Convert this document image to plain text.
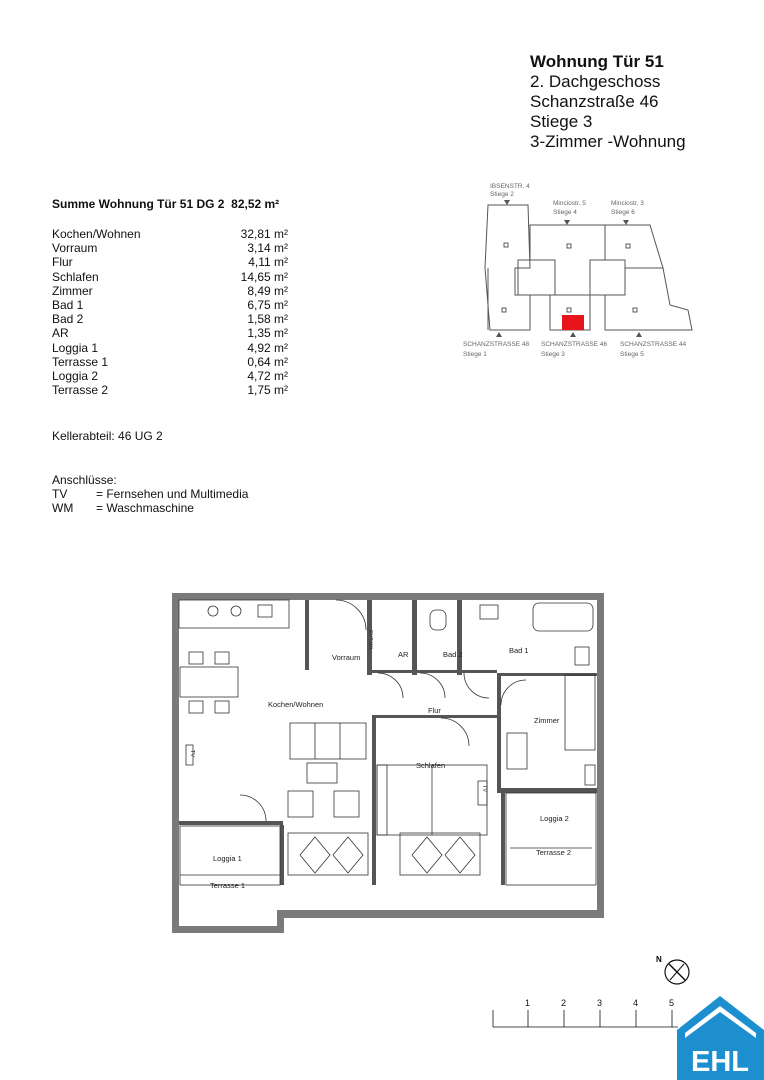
Wohnung Tür 51
2. Dachgeschoss
Schanzstraße 46
Stiege 3
3-Zimmer -Wohnung
Summe Wohnung Tür 51 DG 2 82,52 m²
Kochen/Wohnen	32,81 m²
Vorraum	3,14 m²
Flur	4,11 m²
Schlafen	14,65 m²
Zimmer	8,49 m²
Bad 1	6,75 m²
Bad 2	1,58 m²
AR	1,35 m²
Loggia 1	4,92 m²
Terrasse 1	0,64 m²
Loggia 2	4,72 m²
Terrasse 2	1,75 m²
Kellerabteil: 46 UG 2
Anschlüsse:
TV	= Fernsehen und Multimedia
WM	= Waschmaschine
IBSENSTR. 4
Stiege 2
Minciostr. 5
Stiege 4
Minciostr. 3
Stiege 6
SCHANZSTRASSE 48
Stiege 1
SCHANZSTRASSE 46
Stiege 3
SCHANZSTRASSE 44
Stiege 5
Kochen/Wohnen
Vorraum	AR	Bad 2	Bad 1
Flur
Zimmer
Schlafen
Loggia 1
Terrasse 1
Loggia 2
Terrasse 2
TV
TV
EVT-WL
N
1	2	3	4	5
EHL
